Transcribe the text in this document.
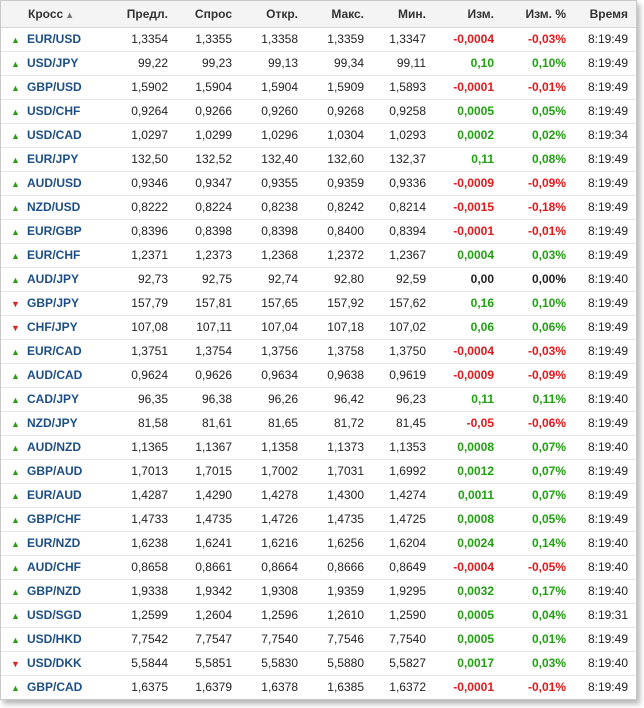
Кросс ▲	Предл.	Спрос	Откр.	Макс.	Мин.	Изм.	Изм. %	Время
▲ EUR/USD	1,3354	1,3355	1,3358	1,3359	1,3347	-0,0004	-0,03%	8:19:49
▲ USD/JPY	99,22	99,23	99,13	99,34	99,11	0,10	0,10%	8:19:49
▲ GBP/USD	1,5902	1,5904	1,5904	1,5909	1,5893	-0,0001	-0,01%	8:19:49
▲ USD/CHF	0,9264	0,9266	0,9260	0,9268	0,9258	0,0005	0,05%	8:19:49
▲ USD/CAD	1,0297	1,0299	1,0296	1,0304	1,0293	0,0002	0,02%	8:19:34
▲ EUR/JPY	132,50	132,52	132,40	132,60	132,37	0,11	0,08%	8:19:49
▲ AUD/USD	0,9346	0,9347	0,9355	0,9359	0,9336	-0,0009	-0,09%	8:19:49
▲ NZD/USD	0,8222	0,8224	0,8238	0,8242	0,8214	-0,0015	-0,18%	8:19:49
▲ EUR/GBP	0,8396	0,8398	0,8398	0,8400	0,8394	-0,0001	-0,01%	8:19:49
▲ EUR/CHF	1,2371	1,2373	1,2368	1,2372	1,2367	0,0004	0,03%	8:19:49
▲ AUD/JPY	92,73	92,75	92,74	92,80	92,59	0,00	0,00%	8:19:40
▼ GBP/JPY	157,79	157,81	157,65	157,92	157,62	0,16	0,10%	8:19:49
▼ CHF/JPY	107,08	107,11	107,04	107,18	107,02	0,06	0,06%	8:19:49
▲ EUR/CAD	1,3751	1,3754	1,3756	1,3758	1,3750	-0,0004	-0,03%	8:19:49
▲ AUD/CAD	0,9624	0,9626	0,9634	0,9638	0,9619	-0,0009	-0,09%	8:19:49
▲ CAD/JPY	96,35	96,38	96,26	96,42	96,23	0,11	0,11%	8:19:40
▲ NZD/JPY	81,58	81,61	81,65	81,72	81,45	-0,05	-0,06%	8:19:49
▲ AUD/NZD	1,1365	1,1367	1,1358	1,1373	1,1353	0,0008	0,07%	8:19:40
▲ GBP/AUD	1,7013	1,7015	1,7002	1,7031	1,6992	0,0012	0,07%	8:19:49
▲ EUR/AUD	1,4287	1,4290	1,4278	1,4300	1,4274	0,0011	0,07%	8:19:49
▲ GBP/CHF	1,4733	1,4735	1,4726	1,4735	1,4725	0,0008	0,05%	8:19:49
▲ EUR/NZD	1,6238	1,6241	1,6216	1,6256	1,6204	0,0024	0,14%	8:19:40
▲ AUD/CHF	0,8658	0,8661	0,8664	0,8666	0,8649	-0,0004	-0,05%	8:19:40
▲ GBP/NZD	1,9338	1,9342	1,9308	1,9359	1,9295	0,0032	0,17%	8:19:40
▲ USD/SGD	1,2599	1,2604	1,2596	1,2610	1,2590	0,0005	0,04%	8:19:31
▲ USD/HKD	7,7542	7,7547	7,7540	7,7546	7,7540	0,0005	0,01%	8:19:49
▼ USD/DKK	5,5844	5,5851	5,5830	5,5880	5,5827	0,0017	0,03%	8:19:40
▲ GBP/CAD	1,6375	1,6379	1,6378	1,6385	1,6372	-0,0001	-0,01%	8:19:49
